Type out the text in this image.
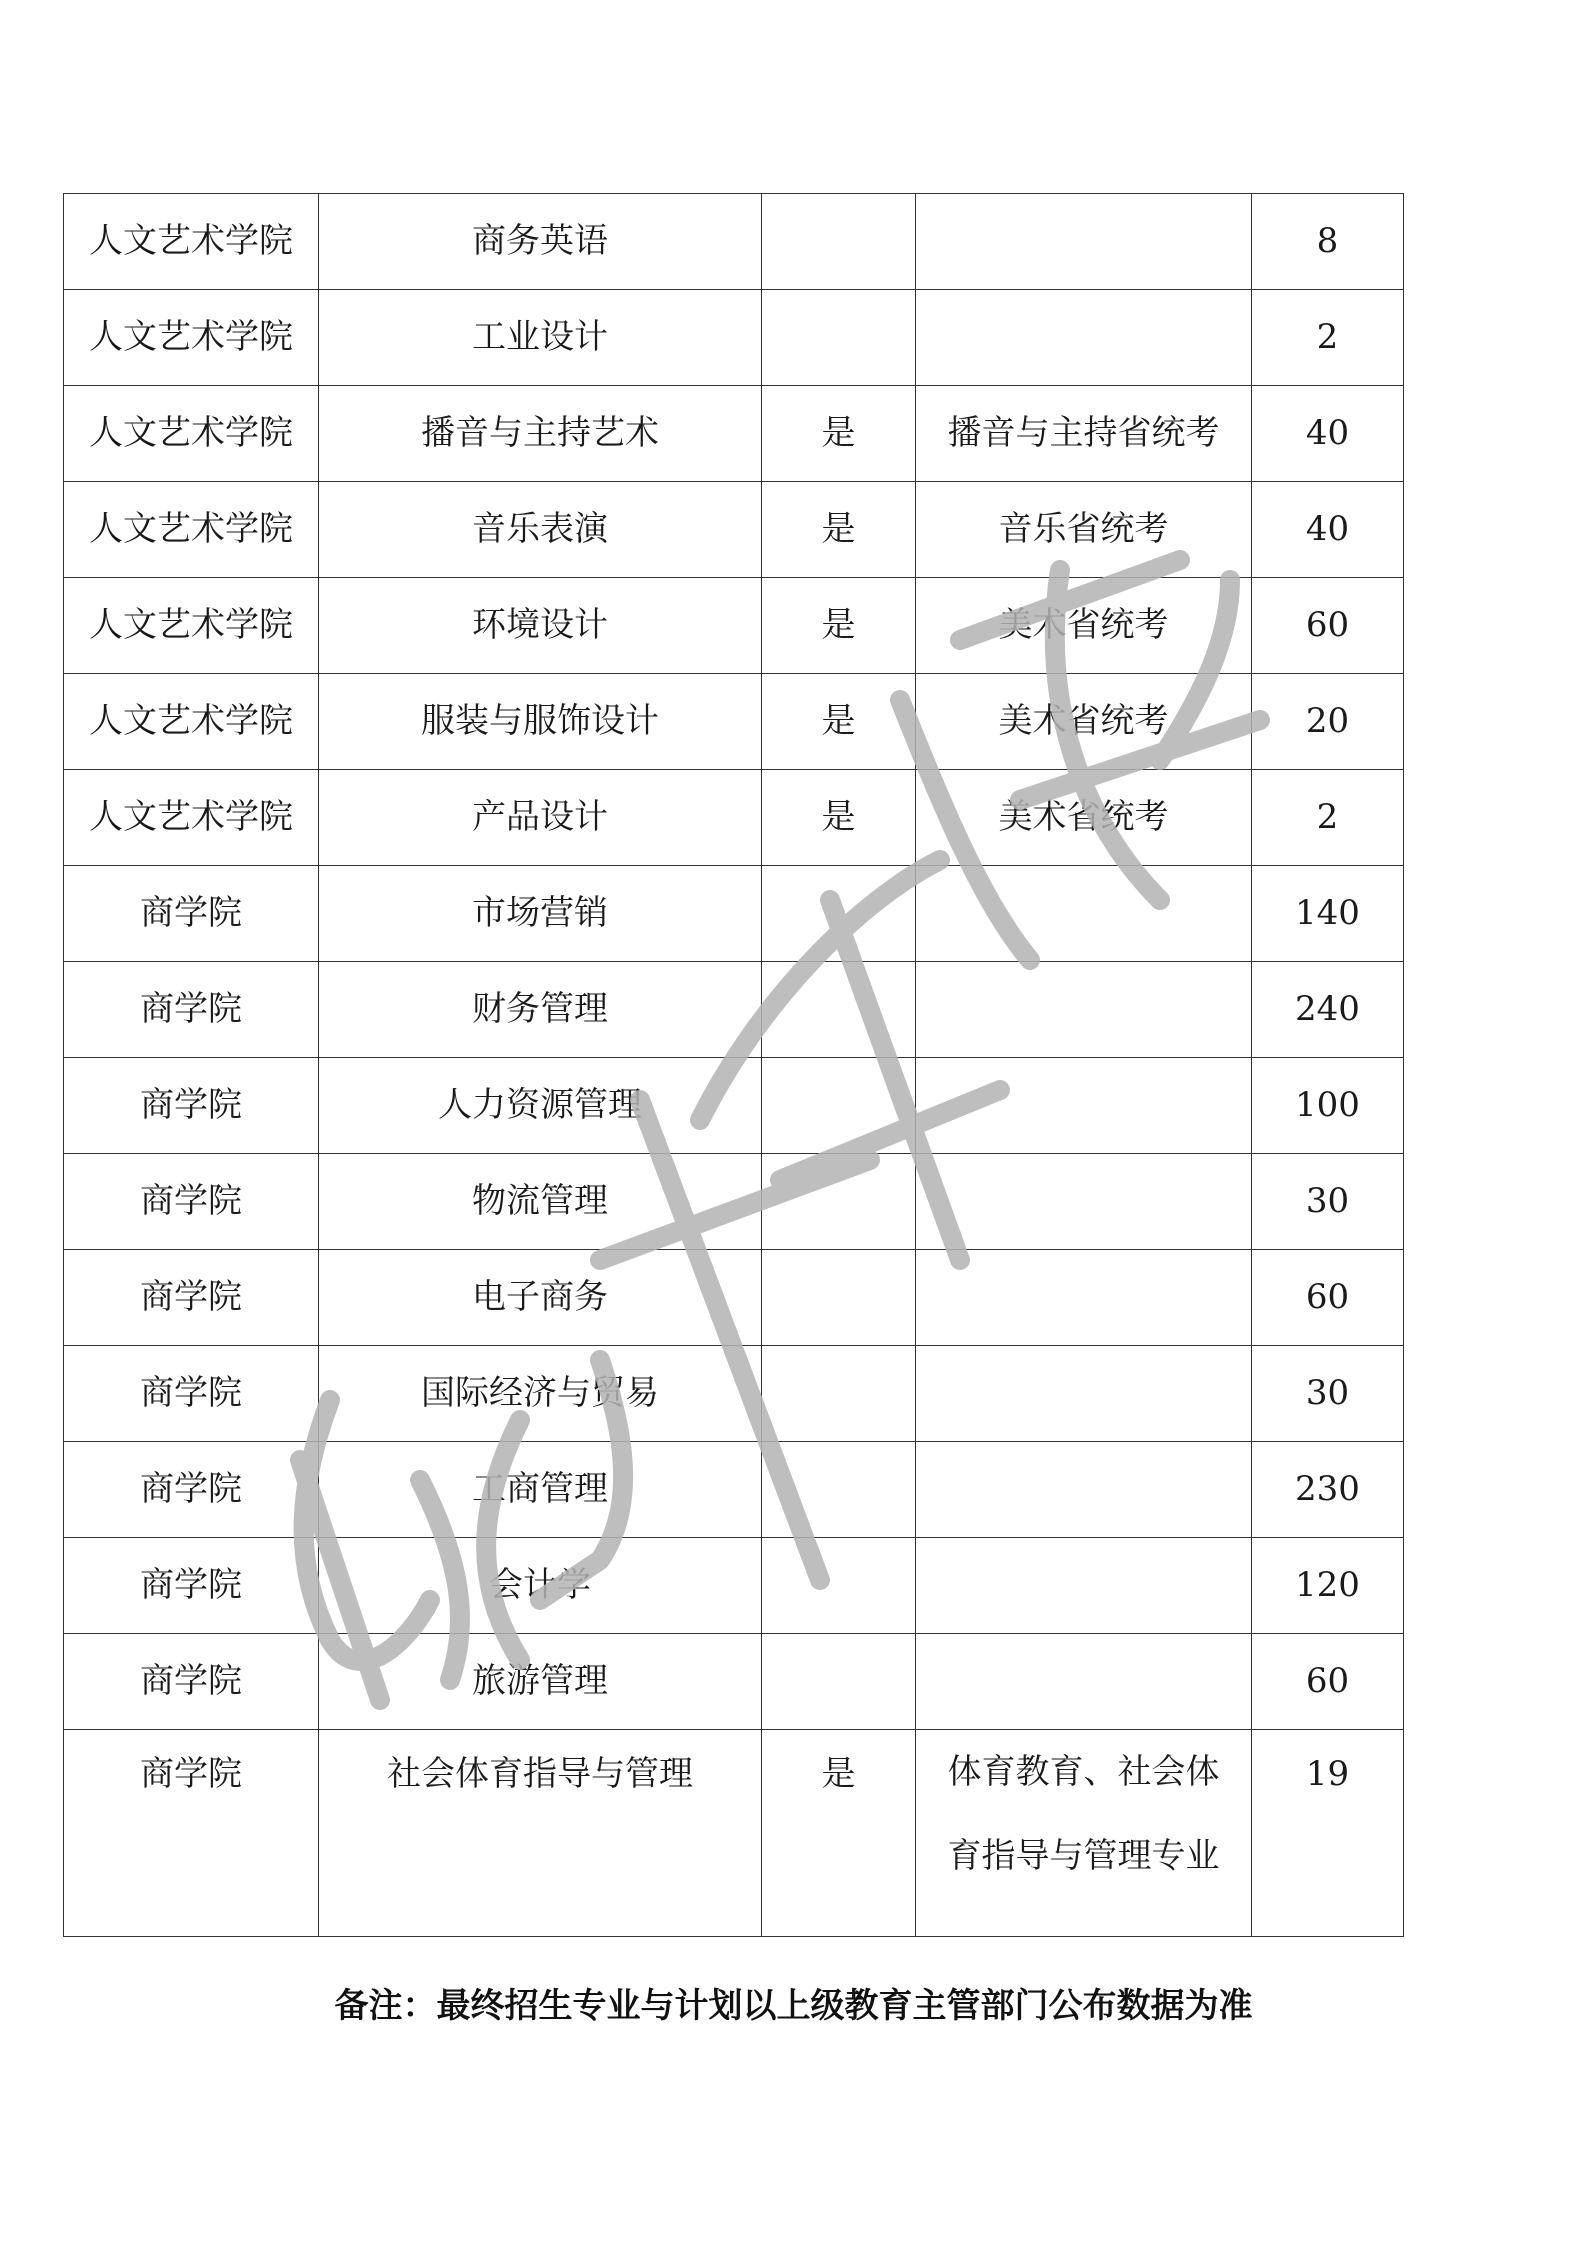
人文艺术学院	商务英语			8
人文艺术学院	工业设计			2
人文艺术学院	播音与主持艺术	是	播音与主持省统考	40
人文艺术学院	音乐表演	是	音乐省统考	40
人文艺术学院	环境设计	是	美术省统考	60
人文艺术学院	服装与服饰设计	是	美术省统考	20
人文艺术学院	产品设计	是	美术省统考	2
商学院	市场营销			140
商学院	财务管理			240
商学院	人力资源管理			100
商学院	物流管理			30
商学院	电子商务			60
商学院	国际经济与贸易			30
商学院	工商管理			230
商学院	会计学			120
商学院	旅游管理			60
商学院	社会体育指导与管理	是	体育教育、社会体
育指导与管理专业	19
备注：最终招生专业与计划以上级教育主管部门公布数据为准
